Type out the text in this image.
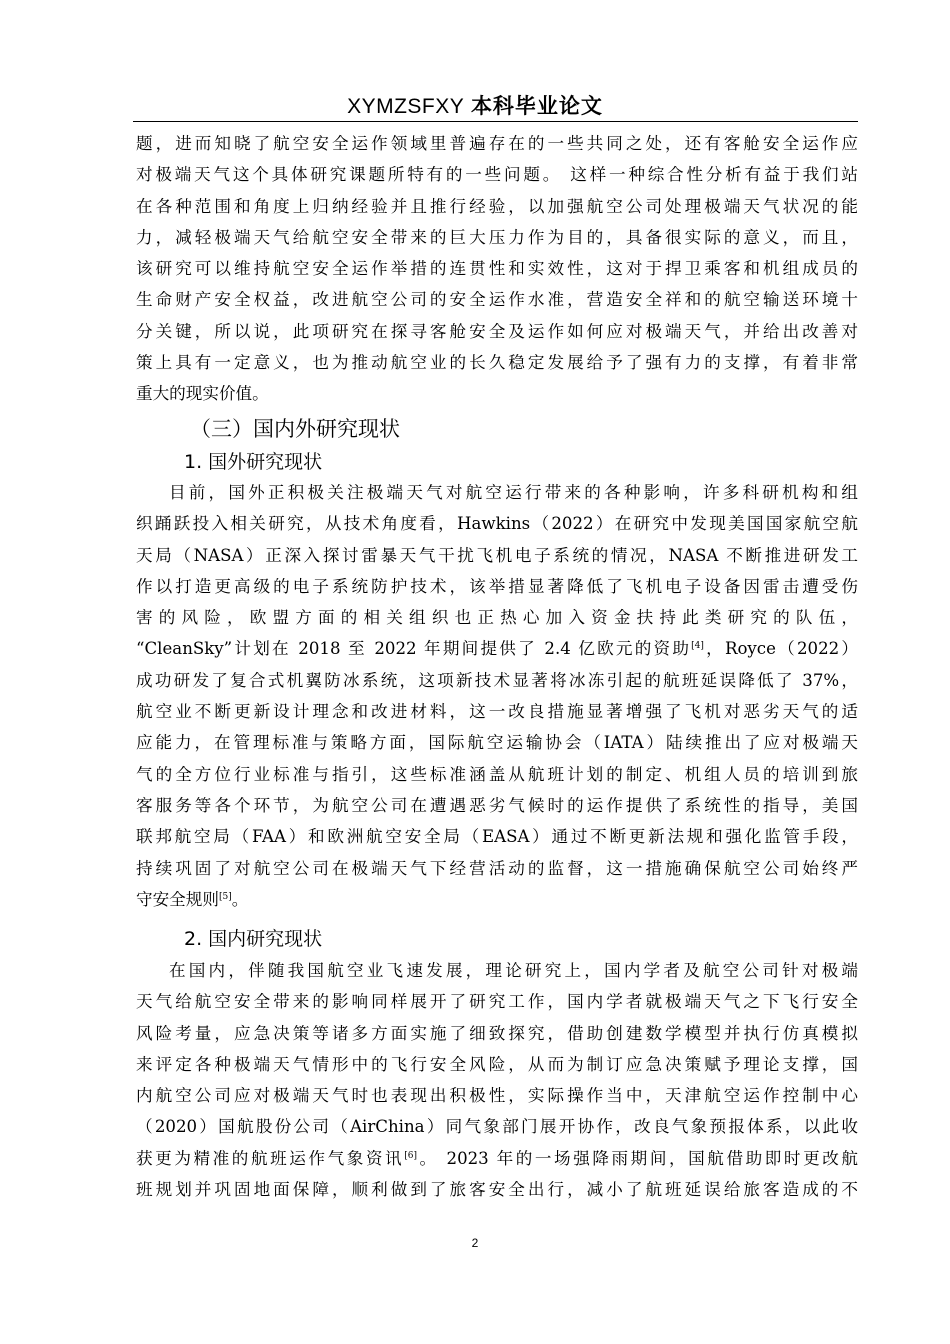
XYMZSFXY 本科毕业论文
题，进而知晓了航空安全运作领域里普遍存在的一些共同之处，还有客舱安全运作应
对极端天气这个具体研究课题所特有的一些问题。 这样一种综合性分析有益于我们站
在各种范围和角度上归纳经验并且推行经验，以加强航空公司处理极端天气状况的能
力，减轻极端天气给航空安全带来的巨大压力作为目的，具备很实际的意义，而且，
该研究可以维持航空安全运作举措的连贯性和实效性，这对于捍卫乘客和机组成员的
生命财产安全权益，改进航空公司的安全运作水准，营造安全祥和的航空输送环境十
分关键，所以说，此项研究在探寻客舱安全及运作如何应对极端天气，并给出改善对
策上具有一定意义，也为推动航空业的长久稳定发展给予了强有力的支撑，有着非常
重大的现实价值。
（三）国内外研究现状
1. 国外研究现状
目前，国外正积极关注极端天气对航空运行带来的各种影响，许多科研机构和组
织踊跃投入相关研究，从技术角度看，Hawkins（2022）在研究中发现美国国家航空航
天局（NASA）正深入探讨雷暴天气干扰飞机电子系统的情况，NASA 不断推进研发工
作以打造更高级的电子系统防护技术，该举措显著降低了飞机电子设备因雷击遭受伤
害的风险，欧盟方面的相关组织也正热心加入资金扶持此类研究的队伍，
“CleanSky”计划在 2018 至 2022 年期间提供了 2.4 亿欧元的资助[4]，Royce（2022）
成功研发了复合式机翼防冰系统，这项新技术显著将冰冻引起的航班延误降低了 37%，
航空业不断更新设计理念和改进材料，这一改良措施显著增强了飞机对恶劣天气的适
应能力，在管理标准与策略方面，国际航空运输协会（IATA）陆续推出了应对极端天
气的全方位行业标准与指引，这些标准涵盖从航班计划的制定、机组人员的培训到旅
客服务等各个环节，为航空公司在遭遇恶劣气候时的运作提供了系统性的指导，美国
联邦航空局（FAA）和欧洲航空安全局（EASA）通过不断更新法规和强化监管手段，
持续巩固了对航空公司在极端天气下经营活动的监督，这一措施确保航空公司始终严
守安全规则[5]。
2. 国内研究现状
在国内，伴随我国航空业飞速发展，理论研究上，国内学者及航空公司针对极端
天气给航空安全带来的影响同样展开了研究工作，国内学者就极端天气之下飞行安全
风险考量，应急决策等诸多方面实施了细致探究，借助创建数学模型并执行仿真模拟
来评定各种极端天气情形中的飞行安全风险，从而为制订应急决策赋予理论支撑，国
内航空公司应对极端天气时也表现出积极性，实际操作当中，天津航空运作控制中心
（2020）国航股份公司（AirChina）同气象部门展开协作，改良气象预报体系，以此收
获更为精准的航班运作气象资讯[6]。 2023 年的一场强降雨期间，国航借助即时更改航
班规划并巩固地面保障，顺利做到了旅客安全出行，减小了航班延误给旅客造成的不
2
